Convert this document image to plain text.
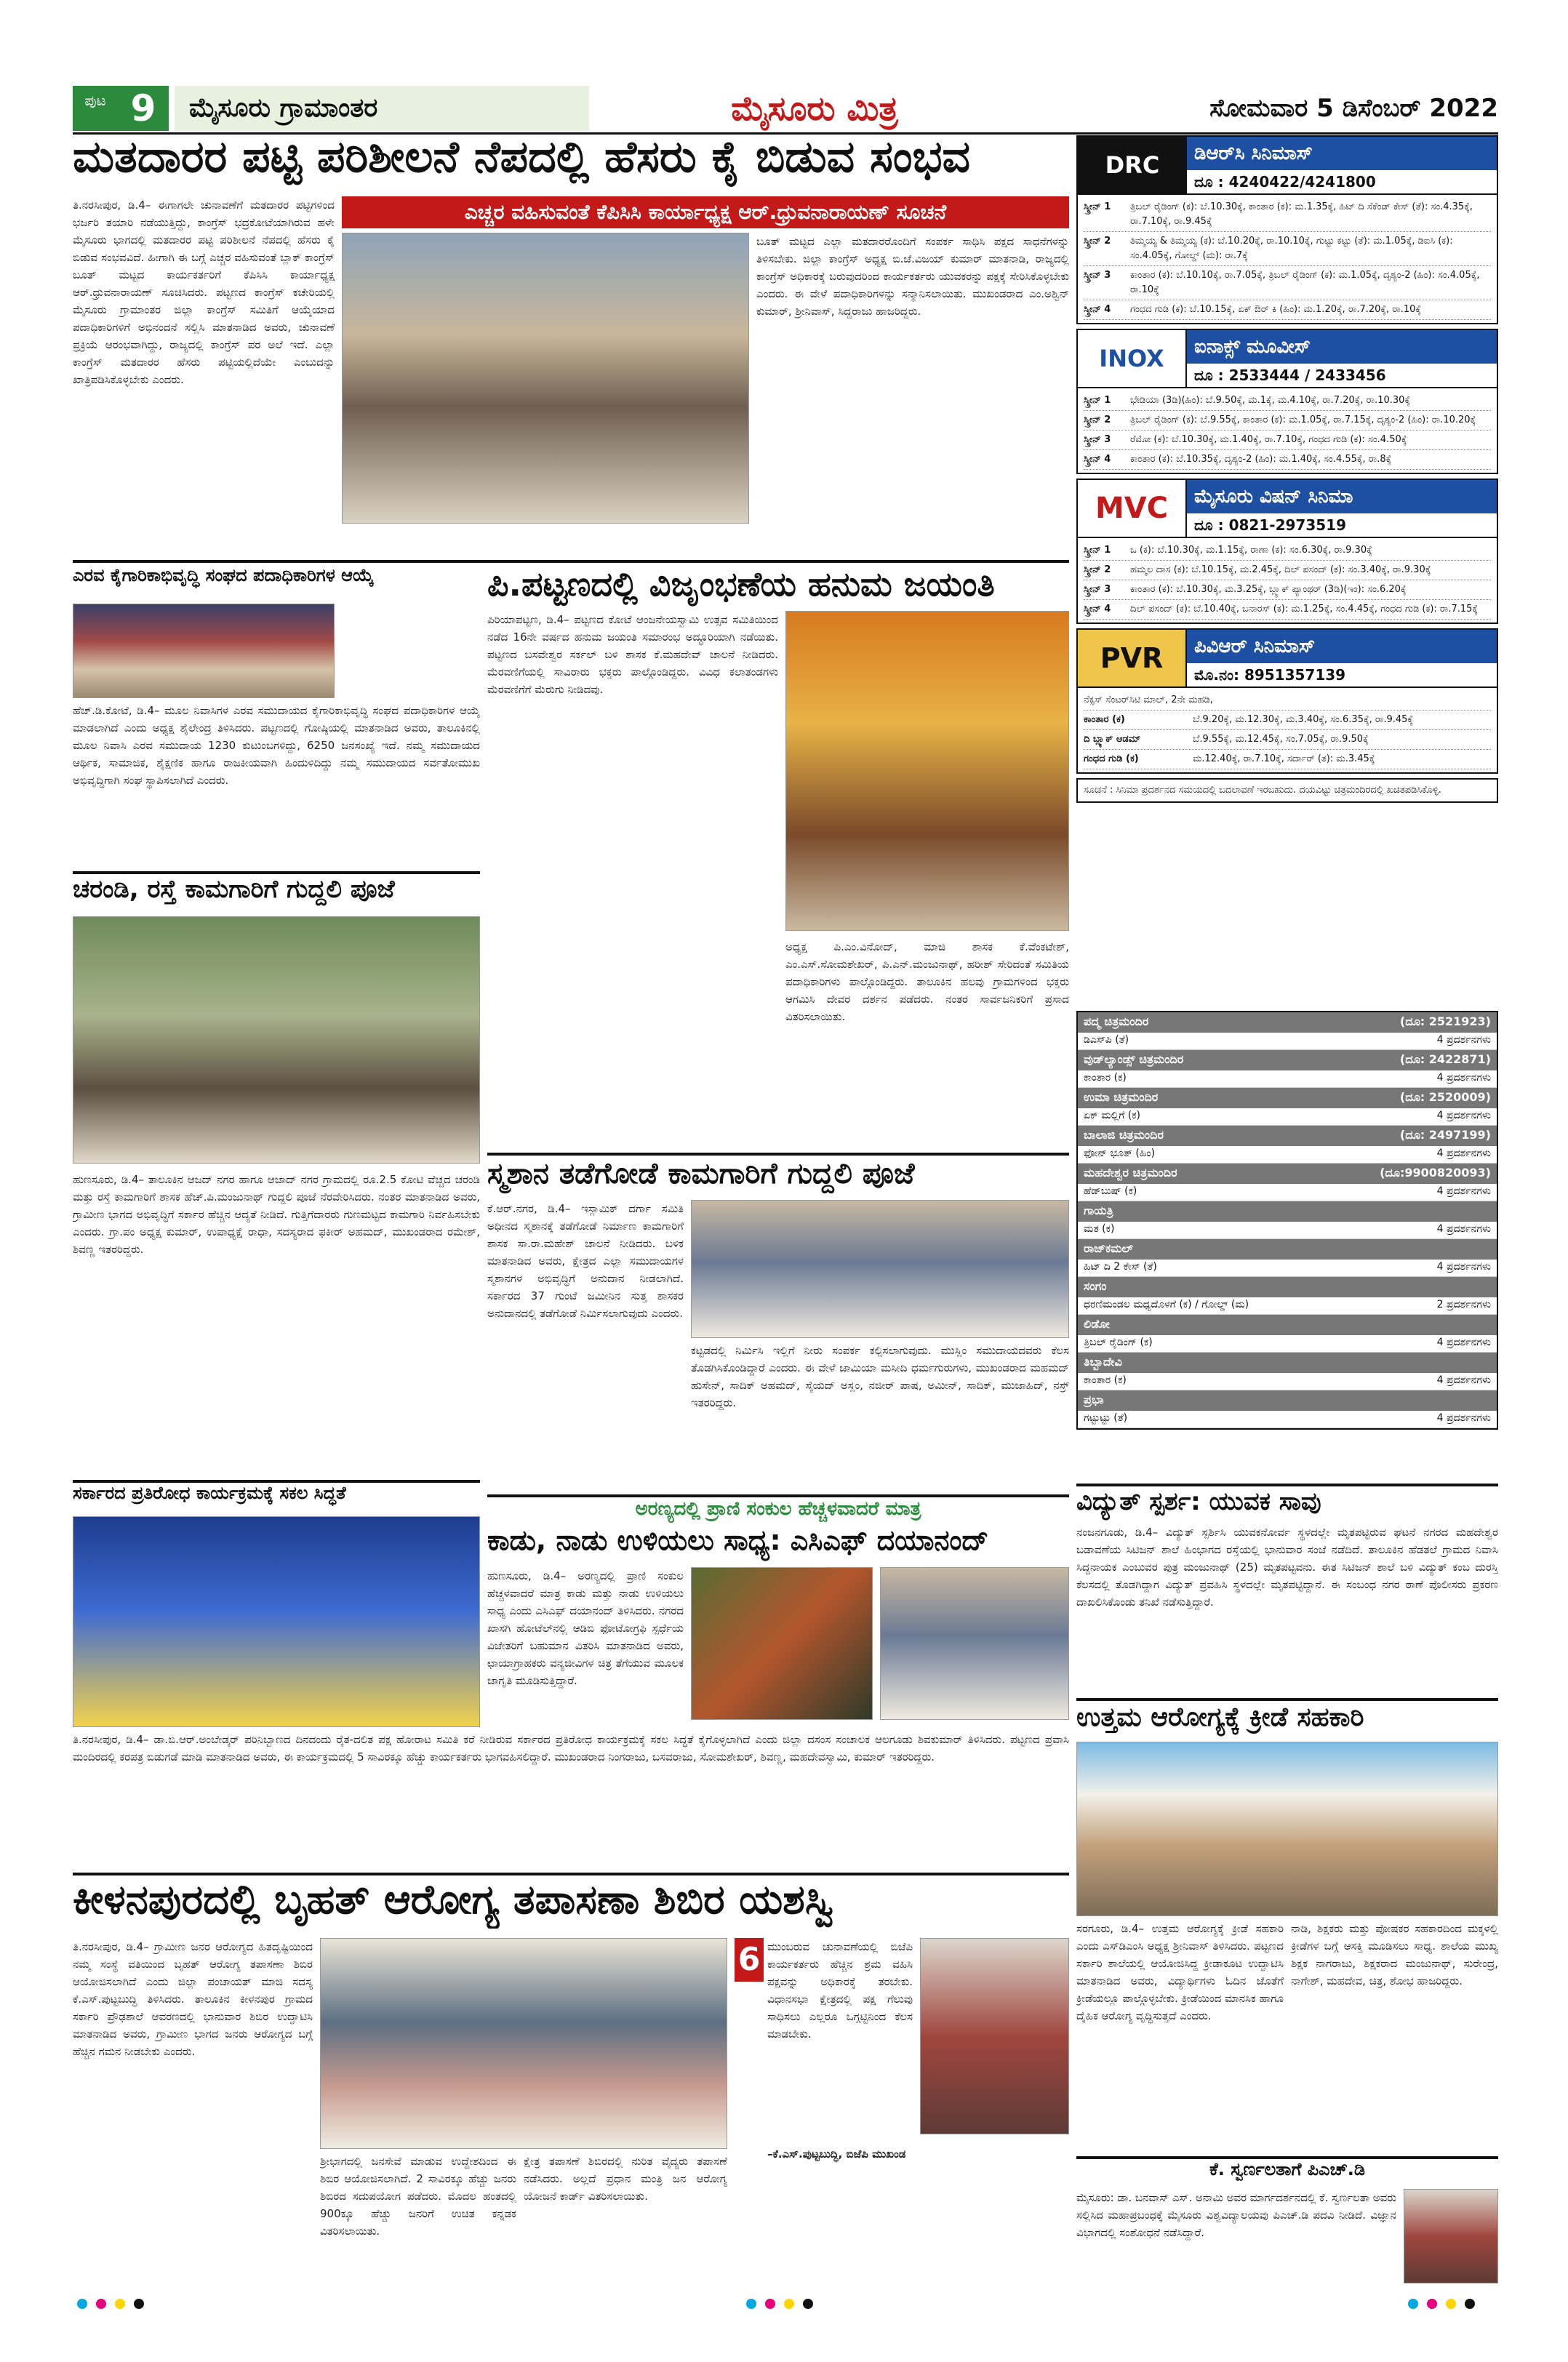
ಪುಟ 9	ಮೈಸೂರು ಗ್ರಾಮಾಂತರ	ಮೈಸೂರು ಮಿತ್ರ	ಸೋಮವಾರ 5 ಡಿಸೆಂಬರ್ 2022
ಮತದಾರರ ಪಟ್ಟಿ ಪರಿಶೀಲನೆ ನೆಪದಲ್ಲಿ ಹೆಸರು ಕೈ ಬಿಡುವ ಸಂಭವ
ಎಚ್ಚರ ವಹಿಸುವಂತೆ ಕೆಪಿಸಿಸಿ ಕಾರ್ಯಾಧ್ಯಕ್ಷ ಆರ್.ಧ್ರುವನಾರಾಯಣ್ ಸೂಚನೆ
ತಿ.ನರಸೀಪುರ, ಡಿ.4– ಈಗಾಗಲೇ ಚುನಾವಣೆಗೆ ಮತದಾರರ ಪಟ್ಟಿಗಳಿಂದ ಭರ್ಜರಿ ತಯಾರಿ ನಡೆಯುತ್ತಿದ್ದು, ಕಾಂಗ್ರೆಸ್ ಭದ್ರಕೋಟೆಯಾಗಿರುವ ಹಳೇ ಮೈಸೂರು ಭಾಗದಲ್ಲಿ ಮತದಾರರ ಪಟ್ಟಿ ಪರಿಶೀಲನೆ ನೆಪದಲ್ಲಿ ಹೆಸರು ಕೈ ಬಿಡುವ ಸಂಭವವಿದೆ. ಹೀಗಾಗಿ ಈ ಬಗ್ಗೆ ಎಚ್ಚರ ವಹಿಸುವಂತೆ ಬ್ಲಾಕ್ ಕಾಂಗ್ರೆಸ್ ಬೂತ್ ಮಟ್ಟದ ಕಾರ್ಯಕರ್ತರಿಗೆ ಕೆಪಿಸಿಸಿ ಕಾರ್ಯಾಧ್ಯಕ್ಷ ಆರ್.ಧ್ರುವನಾರಾಯಣ್ ಸೂಚಿಸಿದರು. ಪಟ್ಟಣದ ಕಾಂಗ್ರೆಸ್ ಕಚೇರಿಯಲ್ಲಿ ಮೈಸೂರು ಗ್ರಾಮಾಂತರ ಜಿಲ್ಲಾ ಕಾಂಗ್ರೆಸ್ ಸಮಿತಿಗೆ ಆಯ್ಕೆಯಾದ ಪದಾಧಿಕಾರಿಗಳಿಗೆ ಅಭಿನಂದನೆ ಸಲ್ಲಿಸಿ ಮಾತನಾಡಿದ ಅವರು, ಚುನಾವಣೆ ಪ್ರಕ್ರಿಯೆ ಆರಂಭವಾಗಿದ್ದು, ರಾಜ್ಯದಲ್ಲಿ ಕಾಂಗ್ರೆಸ್ ಪರ ಅಲೆ ಇದೆ. ಎಲ್ಲಾ ಕಾಂಗ್ರೆಸ್ ಮತದಾರರ ಹೆಸರು ಪಟ್ಟಿಯಲ್ಲಿದೆಯೇ ಎಂಬುದನ್ನು ಖಾತ್ರಿಪಡಿಸಿಕೊಳ್ಳಬೇಕು ಎಂದರು.
ಬೂತ್ ಮಟ್ಟದ ಎಲ್ಲಾ ಮತದಾರರೊಂದಿಗೆ ಸಂಪರ್ಕ ಸಾಧಿಸಿ ಪಕ್ಷದ ಸಾಧನೆಗಳನ್ನು ತಿಳಿಸಬೇಕು. ಜಿಲ್ಲಾ ಕಾಂಗ್ರೆಸ್ ಅಧ್ಯಕ್ಷ ಬಿ.ಜೆ.ವಿಜಯ್ ಕುಮಾರ್ ಮಾತನಾಡಿ, ರಾಜ್ಯದಲ್ಲಿ ಕಾಂಗ್ರೆಸ್ ಅಧಿಕಾರಕ್ಕೆ ಬರುವುದರಿಂದ ಕಾರ್ಯಕರ್ತರು ಯುವಕರನ್ನು ಪಕ್ಷಕ್ಕೆ ಸೇರಿಸಿಕೊಳ್ಳಬೇಕು ಎಂದರು. ಈ ವೇಳೆ ಪದಾಧಿಕಾರಿಗಳನ್ನು ಸನ್ಮಾನಿಸಲಾಯಿತು. ಮುಖಂಡರಾದ ಎಂ.ಅಶ್ವಿನ್ ಕುಮಾರ್, ಶ್ರೀನಿವಾಸ್, ಸಿದ್ದರಾಜು ಹಾಜರಿದ್ದರು.
ಎರವ ಕೈಗಾರಿಕಾಭಿವೃದ್ಧಿ ಸಂಘದ ಪದಾಧಿಕಾರಿಗಳ ಆಯ್ಕೆ
ಹೆಚ್.ಡಿ.ಕೋಟೆ, ಡಿ.4– ಮೂಲ ನಿವಾಸಿಗಳ ಎರವ ಸಮುದಾಯದ ಕೈಗಾರಿಕಾಭಿವೃದ್ಧಿ ಸಂಘದ ಪದಾಧಿಕಾರಿಗಳ ಆಯ್ಕೆ ಮಾಡಲಾಗಿದೆ ಎಂದು ಅಧ್ಯಕ್ಷ ಶೈಲೇಂದ್ರ ತಿಳಿಸಿದರು. ಪಟ್ಟಣದಲ್ಲಿ ಗೋಷ್ಠಿಯಲ್ಲಿ ಮಾತನಾಡಿದ ಅವರು, ತಾಲೂಕಿನಲ್ಲಿ ಮೂಲ ನಿವಾಸಿ ಎರವ ಸಮುದಾಯ 1230 ಕುಟುಂಬಗಳಿದ್ದು, 6250 ಜನಸಂಖ್ಯೆ ಇದೆ. ನಮ್ಮ ಸಮುದಾಯದ ಆರ್ಥಿಕ, ಸಾಮಾಜಿಕ, ಶೈಕ್ಷಣಿಕ ಹಾಗೂ ರಾಜಕೀಯವಾಗಿ ಹಿಂದುಳಿದಿದ್ದು ನಮ್ಮ ಸಮುದಾಯದ ಸರ್ವತೋಮುಖ ಅಭಿವೃದ್ಧಿಗಾಗಿ ಸಂಘ ಸ್ಥಾಪಿಸಲಾಗಿದೆ ಎಂದರು.
ಪಿ.ಪಟ್ಟಣದಲ್ಲಿ ವಿಜೃಂಭಣೆಯ ಹನುಮ ಜಯಂತಿ
ಪಿರಿಯಾಪಟ್ಟಣ, ಡಿ.4– ಪಟ್ಟಣದ ಕೋಟೆ ಆಂಜನೇಯಸ್ವಾಮಿ ಉತ್ಸವ ಸಮಿತಿಯಿಂದ ನಡೆದ 16ನೇ ವರ್ಷದ ಹನುಮ ಜಯಂತಿ ಸಮಾರಂಭ ಅದ್ಧೂರಿಯಾಗಿ ನಡೆಯಿತು. ಪಟ್ಟಣದ ಬಸವೇಶ್ವರ ಸರ್ಕಲ್ ಬಳಿ ಶಾಸಕ ಕೆ.ಮಹದೇವ್ ಚಾಲನೆ ನೀಡಿದರು. ಮೆರವಣಿಗೆಯಲ್ಲಿ ಸಾವಿರಾರು ಭಕ್ತರು ಪಾಲ್ಗೊಂಡಿದ್ದರು. ವಿವಿಧ ಕಲಾತಂಡಗಳು ಮೆರವಣಿಗೆಗೆ ಮೆರುಗು ನೀಡಿದವು.
ಅಧ್ಯಕ್ಷ ಪಿ.ಎಂ.ವಿನೋದ್, ಮಾಜಿ ಶಾಸಕ ಕೆ.ವೆಂಕಟೇಶ್, ಎಂ.ಎಸ್.ಸೋಮಶೇಖರ್, ಪಿ.ಎನ್.ಮಂಜುನಾಥ್, ಹರೀಶ್ ಸೇರಿದಂತೆ ಸಮಿತಿಯ ಪದಾಧಿಕಾರಿಗಳು ಪಾಲ್ಗೊಂಡಿದ್ದರು. ತಾಲೂಕಿನ ಹಲವು ಗ್ರಾಮಗಳಿಂದ ಭಕ್ತರು ಆಗಮಿಸಿ ದೇವರ ದರ್ಶನ ಪಡೆದರು. ನಂತರ ಸಾರ್ವಜನಿಕರಿಗೆ ಪ್ರಸಾದ ವಿತರಿಸಲಾಯಿತು.
ಚರಂಡಿ, ರಸ್ತೆ ಕಾಮಗಾರಿಗೆ ಗುದ್ದಲಿ ಪೂಜೆ
ಹುಣಸೂರು, ಡಿ.4– ತಾಲೂಕಿನ ಆಜದ್ ನಗರ ಹಾಗೂ ಆಜಾದ್ ನಗರ ಗ್ರಾಮದಲ್ಲಿ ರೂ.2.5 ಕೋಟಿ ವೆಚ್ಚದ ಚರಂಡಿ ಮತ್ತು ರಸ್ತೆ ಕಾಮಗಾರಿಗೆ ಶಾಸಕ ಹೆಚ್.ಪಿ.ಮಂಜುನಾಥ್ ಗುದ್ದಲಿ ಪೂಜೆ ನೆರವೇರಿಸಿದರು. ನಂತರ ಮಾತನಾಡಿದ ಅವರು, ಗ್ರಾಮೀಣ ಭಾಗದ ಅಭಿವೃದ್ಧಿಗೆ ಸರ್ಕಾರ ಹೆಚ್ಚಿನ ಆದ್ಯತೆ ನೀಡಿದೆ. ಗುತ್ತಿಗೆದಾರರು ಗುಣಮಟ್ಟದ ಕಾಮಗಾರಿ ನಿರ್ವಹಿಸಬೇಕು ಎಂದರು. ಗ್ರಾ.ಪಂ ಅಧ್ಯಕ್ಷ ಕುಮಾರ್, ಉಪಾಧ್ಯಕ್ಷೆ ರಾಧಾ, ಸದಸ್ಯರಾದ ಫಕೀರ್ ಅಹಮದ್, ಮುಖಂಡರಾದ ರಮೇಶ್, ಶಿವಣ್ಣ ಇತರರಿದ್ದರು.
ಸ್ಮಶಾನ ತಡೆಗೋಡೆ ಕಾಮಗಾರಿಗೆ ಗುದ್ದಲಿ ಪೂಜೆ
ಕೆ.ಆರ್.ನಗರ, ಡಿ.4– ಇಸ್ಲಾಮಿಕ್ ದರ್ಗಾ ಸಮಿತಿ ಅಧೀನದ ಸ್ಮಶಾನಕ್ಕೆ ತಡೆಗೋಡೆ ನಿರ್ಮಾಣ ಕಾಮಗಾರಿಗೆ ಶಾಸಕ ಸಾ.ರಾ.ಮಹೇಶ್ ಚಾಲನೆ ನೀಡಿದರು. ಬಳಿಕ ಮಾತನಾಡಿದ ಅವರು, ಕ್ಷೇತ್ರದ ಎಲ್ಲಾ ಸಮುದಾಯಗಳ ಸ್ಮಶಾನಗಳ ಅಭಿವೃದ್ಧಿಗೆ ಅನುದಾನ ನೀಡಲಾಗಿದೆ. ಸರ್ಕಾರದ 37 ಗುಂಟೆ ಜಮೀನಿನ ಸುತ್ತ ಶಾಸಕರ ಅನುದಾನದಲ್ಲಿ ತಡೆಗೋಡೆ ನಿರ್ಮಿಸಲಾಗುವುದು ಎಂದರು.
ಕಟ್ಟಡದಲ್ಲಿ ನಿರ್ಮಿಸಿ ಇಲ್ಲಿಗೆ ನೀರು ಸಂಪರ್ಕ ಕಲ್ಪಿಸಲಾಗುವುದು. ಮುಸ್ಲಿಂ ಸಮುದಾಯದವರು ಕೆಲಸ ತೊಡಗಿಸಿಕೊಂಡಿದ್ದಾರೆ ಎಂದರು. ಈ ವೇಳೆ ಜಾಮಿಯಾ ಮಸೀದಿ ಧರ್ಮಗುರುಗಳು, ಮುಖಂಡರಾದ ಮಹಮದ್ ಹುಸೇನ್, ಸಾದಿಕ್ ಅಹಮದ್, ಸೈಯದ್ ಅಸ್ಲಂ, ನಜೀರ್ ಪಾಷ, ಅಮೀನ್, ಸಾದಿಕ್, ಮುಜಾಹಿದ್, ನಸ್ರ್ ಇತರರಿದ್ದರು.
ಸರ್ಕಾರದ ಪ್ರತಿರೋಧ ಕಾರ್ಯಕ್ರಮಕ್ಕೆ ಸಕಲ ಸಿದ್ಧತೆ
ತಿ.ನರಸೀಪುರ, ಡಿ.4– ಡಾ.ಬಿ.ಆರ್.ಅಂಬೇಡ್ಕರ್ ಪರಿನಿಬ್ಬಾಣದ ದಿನದಂದು ರೈತ-ದಲಿತ ಪಕ್ಷ ಹೋರಾಟ ಸಮಿತಿ ಕರೆ ನೀಡಿರುವ ಸರ್ಕಾರದ ಪ್ರತಿರೋಧ ಕಾರ್ಯಕ್ರಮಕ್ಕೆ ಸಕಲ ಸಿದ್ಧತೆ ಕೈಗೊಳ್ಳಲಾಗಿದೆ ಎಂದು ಜಿಲ್ಲಾ ದಸಂಸ ಸಂಚಾಲಕ ಆಲಗೂಡು ಶಿವಕುಮಾರ್ ತಿಳಿಸಿದರು. ಪಟ್ಟಣದ ಪ್ರವಾಸಿ ಮಂದಿರದಲ್ಲಿ ಕರಪತ್ರ ಬಿಡುಗಡೆ ಮಾಡಿ ಮಾತನಾಡಿದ ಅವರು, ಈ ಕಾರ್ಯಕ್ರಮದಲ್ಲಿ 5 ಸಾವಿರಕ್ಕೂ ಹೆಚ್ಚು ಕಾರ್ಯಕರ್ತರು ಭಾಗವಹಿಸಲಿದ್ದಾರೆ. ಮುಖಂಡರಾದ ನಿಂಗರಾಜು, ಬಸವರಾಜು, ಸೋಮಶೇಖರ್, ಶಿವಣ್ಣ, ಮಹದೇವಸ್ವಾಮಿ, ಕುಮಾರ್ ಇತರರಿದ್ದರು.
ಅರಣ್ಯದಲ್ಲಿ ಪ್ರಾಣಿ ಸಂಕುಲ ಹೆಚ್ಚಳವಾದರೆ ಮಾತ್ರ
ಕಾಡು, ನಾಡು ಉಳಿಯಲು ಸಾಧ್ಯ: ಎಸಿಎಫ್ ದಯಾನಂದ್
ಹುಣಸೂರು, ಡಿ.4– ಅರಣ್ಯದಲ್ಲಿ ಪ್ರಾಣಿ ಸಂಕುಲ ಹೆಚ್ಚಳವಾದರೆ ಮಾತ್ರ ಕಾಡು ಮತ್ತು ನಾಡು ಉಳಿಯಲು ಸಾಧ್ಯ ಎಂದು ಎಸಿಎಫ್ ದಯಾನಂದ್ ತಿಳಿಸಿದರು. ನಗರದ ಖಾಸಗಿ ಹೋಟೆಲ್‌ನಲ್ಲಿ ಆಡಿಬಿ ಫೋಟೋಗ್ರಫಿ ಸ್ಪರ್ಧೆಯ ವಿಜೇತರಿಗೆ ಬಹುಮಾನ ವಿತರಿಸಿ ಮಾತನಾಡಿದ ಅವರು, ಛಾಯಾಗ್ರಾಹಕರು ವನ್ಯಜೀವಿಗಳ ಚಿತ್ರ ತೆಗೆಯುವ ಮೂಲಕ ಜಾಗೃತಿ ಮೂಡಿಸುತ್ತಿದ್ದಾರೆ.
ಕೀಳನಪುರದಲ್ಲಿ ಬೃಹತ್ ಆರೋಗ್ಯ ತಪಾಸಣಾ ಶಿಬಿರ ಯಶಸ್ವಿ
ತಿ.ನರಸೀಪುರ, ಡಿ.4– ಗ್ರಾಮೀಣ ಜನರ ಆರೋಗ್ಯದ ಹಿತದೃಷ್ಟಿಯಿಂದ ನಮ್ಮ ಸಂಸ್ಥೆ ವತಿಯಿಂದ ಬೃಹತ್ ಆರೋಗ್ಯ ತಪಾಸಣಾ ಶಿಬಿರ ಆಯೋಜಿಸಲಾಗಿದೆ ಎಂದು ಜಿಲ್ಲಾ ಪಂಚಾಯತ್ ಮಾಜಿ ಸದಸ್ಯ ಕೆ.ಎಸ್.ಪುಟ್ಟಬುದ್ಧಿ ತಿಳಿಸಿದರು. ತಾಲೂಕಿನ ಕೀಳನಪುರ ಗ್ರಾಮದ ಸರ್ಕಾರಿ ಪ್ರೌಢಶಾಲೆ ಆವರಣದಲ್ಲಿ ಭಾನುವಾರ ಶಿಬಿರ ಉದ್ಘಾಟಿಸಿ ಮಾತನಾಡಿದ ಅವರು, ಗ್ರಾಮೀಣ ಭಾಗದ ಜನರು ಆರೋಗ್ಯದ ಬಗ್ಗೆ ಹೆಚ್ಚಿನ ಗಮನ ನೀಡಬೇಕು ಎಂದರು.
ಶ್ರೀಭಾಗದಲ್ಲಿ ಜನಸೇವೆ ಮಾಡುವ ಉದ್ದೇಶದಿಂದ ಈ ಶಿಬಿರ ಆಯೋಜಿಸಲಾಗಿದೆ. 2 ಸಾವಿರಕ್ಕೂ ಹೆಚ್ಚು ಜನರು ಶಿಬಿರದ ಸದುಪಯೋಗ ಪಡೆದರು. ಮೊದಲ ಹಂತದಲ್ಲಿ 900ಕ್ಕೂ ಹೆಚ್ಚು ಜನರಿಗೆ ಉಚಿತ ಕನ್ನಡಕ ವಿತರಿಸಲಾಯಿತು.
ಕ್ಷೇತ್ರ ತಪಾಸಣೆ ಶಿಬಿರದಲ್ಲಿ ನುರಿತ ವೈದ್ಯರು ತಪಾಸಣೆ ನಡೆಸಿದರು. ಅಲ್ಲದೆ ಪ್ರಧಾನ ಮಂತ್ರಿ ಜನ ಆರೋಗ್ಯ ಯೋಜನೆ ಕಾರ್ಡ್ ವಿತರಿಸಲಾಯಿತು.
6 ಮುಂಬರುವ ಚುನಾವಣೆಯಲ್ಲಿ ಬಿಜೆಪಿ ಕಾರ್ಯಕರ್ತರು ಹೆಚ್ಚಿನ ಶ್ರಮ ವಹಿಸಿ ಪಕ್ಷವನ್ನು ಅಧಿಕಾರಕ್ಕೆ ತರಬೇಕು. ವಿಧಾನಸಭಾ ಕ್ಷೇತ್ರದಲ್ಲಿ ಪಕ್ಷ ಗೆಲುವು ಸಾಧಿಸಲು ಎಲ್ಲರೂ ಒಗ್ಗಟ್ಟಿನಿಂದ ಕೆಲಸ ಮಾಡಬೇಕು.
–ಕೆ.ಎಸ್.ಪುಟ್ಟಬುದ್ಧಿ, ಬಿಜೆಪಿ ಮುಖಂಡ
DRC	ಡಿಆರ್‌ಸಿ ಸಿನಿಮಾಸ್
ದೂ : 4240422/4241800
ಸ್ಕ್ರೀನ್ 1	ತ್ರಿಬಲ್ ರೈಡಿಂಗ್ (ಕ): ಬೆ.10.30ಕ್ಕೆ, ಕಾಂತಾರ (ಕ): ಮ.1.35ಕ್ಕೆ, ಹಿಟ್ ದಿ ಸೆಕೆಂಡ್ ಕೇಸ್ (ತೆ): ಸಂ.4.35ಕ್ಕೆ, ರಾ.7.10ಕ್ಕೆ, ರಾ.9.45ಕ್ಕೆ
ಸ್ಕ್ರೀನ್ 2	ತಿಮ್ಮಯ್ಯ & ತಿಮ್ಮಯ್ಯ (ಕ): ಬೆ.10.20ಕ್ಕೆ, ರಾ.10.10ಕ್ಕೆ, ಗುಟ್ಟು ಕಟ್ಟು (ತೆ): ಮ.1.05ಕ್ಕೆ, ಡಿಐಸಿ (ಕ): ಸಂ.4.05ಕ್ಕೆ, ಗೋಲ್ಡ್ (ಮ): ರಾ.7ಕ್ಕೆ
ಸ್ಕ್ರೀನ್ 3	ಕಾಂತಾರ (ಕ): ಬೆ.10.10ಕ್ಕೆ, ರಾ.7.05ಕ್ಕೆ, ತ್ರಿಬಲ್ ರೈಡಿಂಗ್ (ಕ): ಮ.1.05ಕ್ಕೆ, ದೃಶ್ಯಂ-2 (ಹಿಂ): ಸಂ.4.05ಕ್ಕೆ, ರಾ.10ಕ್ಕೆ
ಸ್ಕ್ರೀನ್ 4	ಗಂಧದ ಗುಡಿ (ಕ): ಬೆ.10.15ಕ್ಕೆ, ಏಕ್ ಔರ್ ಕಿ (ಹಿಂ): ಮ.1.20ಕ್ಕೆ, ರಾ.7.20ಕ್ಕೆ, ರಾ.10ಕ್ಕೆ
INOX	ಐನಾಕ್ಸ್ ಮೂವೀಸ್
ದೂ : 2533444 / 2433456
ಸ್ಕ್ರೀನ್ 1	ಭೇಡಿಯಾ (3ಡಿ)(ಹಿಂ): ಬೆ.9.50ಕ್ಕೆ, ಮ.1ಕ್ಕೆ, ಮ.4.10ಕ್ಕೆ, ರಾ.7.20ಕ್ಕೆ, ರಾ.10.30ಕ್ಕೆ
ಸ್ಕ್ರೀನ್ 2	ತ್ರಿಬಲ್ ರೈಡಿಂಗ್ (ಕ): ಬೆ.9.55ಕ್ಕೆ, ಕಾಂತಾರ (ಕ): ಮ.1.05ಕ್ಕೆ, ರಾ.7.15ಕ್ಕೆ, ದೃಶ್ಯಂ-2 (ಹಿಂ): ರಾ.10.20ಕ್ಕೆ
ಸ್ಕ್ರೀನ್ 3	ರೆಮೋ (ಕ): ಬೆ.10.30ಕ್ಕೆ, ಮ.1.40ಕ್ಕೆ, ರಾ.7.10ಕ್ಕೆ, ಗಂಧದ ಗುಡಿ (ಕ): ಸಂ.4.50ಕ್ಕೆ
ಸ್ಕ್ರೀನ್ 4	ಕಾಂತಾರ (ಕ): ಬೆ.10.35ಕ್ಕೆ, ದೃಶ್ಯಂ-2 (ಹಿಂ): ಮ.1.40ಕ್ಕೆ, ಸಂ.4.55ಕ್ಕೆ, ರಾ.8ಕ್ಕೆ
MVC	ಮೈಸೂರು ವಿಷನ್ ಸಿನಿಮಾ
ದೂ : 0821-2973519
ಸ್ಕ್ರೀನ್ 1	ಒ (ಕ): ಬೆ.10.30ಕ್ಕೆ, ಮ.1.15ಕ್ಕೆ, ರಾಣಾ (ಕ): ಸಂ.6.30ಕ್ಕೆ, ರಾ.9.30ಕ್ಕೆ
ಸ್ಕ್ರೀನ್ 2	ಹಮ್ಮಲ ದಾಸ (ಕ): ಬೆ.10.15ಕ್ಕೆ, ಮ.2.45ಕ್ಕೆ, ದಿಲ್ ಪಸಂದ್ (ಕ): ಸಂ.3.40ಕ್ಕೆ, ರಾ.9.30ಕ್ಕೆ
ಸ್ಕ್ರೀನ್ 3	ಕಾಂತಾರ (ಕ): ಬೆ.10.30ಕ್ಕೆ, ಮ.3.25ಕ್ಕೆ, ಬ್ಲ್ಯಾಕ್ ಪ್ಯಾಂಥರ್ (3ಡಿ)(ಇಂ): ಸಂ.6.20ಕ್ಕೆ
ಸ್ಕ್ರೀನ್ 4	ದಿಲ್ ಪಸಂದ್ (ಕ): ಬೆ.10.40ಕ್ಕೆ, ಬನಾರಸ್ (ಕ): ಮ.1.25ಕ್ಕೆ, ಸಂ.4.45ಕ್ಕೆ, ಗಂಧದ ಗುಡಿ (ಕ): ರಾ.7.15ಕ್ಕೆ
PVR	ಪಿವಿಆರ್ ಸಿನಿಮಾಸ್
ಮೊ.ನಂ: 8951357139
ನೆಕ್ಸಸ್ ಸೆಂಟರ್‌ಸಿಟಿ ಮಾಲ್, 2ನೇ ಮಹಡಿ,
ಕಾಂತಾರ (ಕ)	ಬೆ.9.20ಕ್ಕೆ, ಮ.12.30ಕ್ಕೆ, ಮ.3.40ಕ್ಕೆ, ಸಂ.6.35ಕ್ಕೆ, ರಾ.9.45ಕ್ಕೆ
ದಿ ಬ್ಲ್ಯಾಕ್ ಆಡಮ್	ಬೆ.9.55ಕ್ಕೆ, ಮ.12.45ಕ್ಕೆ, ಸಂ.7.05ಕ್ಕೆ, ರಾ.9.50ಕ್ಕೆ
ಗಂಧದ ಗುಡಿ (ಕ)	ಮ.12.40ಕ್ಕೆ, ರಾ.7.10ಕ್ಕೆ, ಸರ್ದಾರ್ (ತ): ಮ.3.45ಕ್ಕೆ
ಸೂಚನೆ : ಸಿನಿಮಾ ಪ್ರದರ್ಶನದ ಸಮಯದಲ್ಲಿ ಬದಲಾವಣೆ ಇರಬಹುದು. ದಯವಿಟ್ಟು ಚಿತ್ರಮಂದಿರದಲ್ಲಿ ಖಚಿತಪಡಿಸಿಕೊಳ್ಳಿ.
ಪದ್ಮ ಚಿತ್ರಮಂದಿರ	(ದೂ: 2521923)
ಡಿಎಸ್‌ಪಿ (ತೆ)	4 ಪ್ರದರ್ಶನಗಳು
ವುಡ್‌ಲ್ಯಾಂಡ್ಸ್ ಚಿತ್ರಮಂದಿರ	(ದೂ: 2422871)
ಕಾಂತಾರ (ಕ)	4 ಪ್ರದರ್ಶನಗಳು
ಉಮಾ ಚಿತ್ರಮಂದಿರ	(ದೂ: 2520009)
ಏಕ್ ಮಲ್ಲಿಗೆ (ಕ)	4 ಪ್ರದರ್ಶನಗಳು
ಬಾಲಾಜಿ ಚಿತ್ರಮಂದಿರ	(ದೂ: 2497199)
ಫೋನ್ ಭೂತ್ (ಹಿಂ)	4 ಪ್ರದರ್ಶನಗಳು
ಮಹದೇಶ್ವರ ಚಿತ್ರಮಂದಿರ	(ದೂ:9900820093)
ಹೆಡ್‌ಬುಷ್ (ಕ)	4 ಪ್ರದರ್ಶನಗಳು
ಗಾಯತ್ರಿ
ಮತ (ಕ)	4 ಪ್ರದರ್ಶನಗಳು
ರಾಜ್‌ಕಮಲ್
ಹಿಟ್ ದಿ 2 ಕೇಸ್ (ತೆ)	4 ಪ್ರದರ್ಶನಗಳು
ಸಂಗಂ
ಧರಣಿಮಂಡಲ ಮಧ್ಯದೊಳಗೆ (ಕ) / ಗೋಲ್ಡ್ (ಮ)	2 ಪ್ರದರ್ಶನಗಳು
ಲಿಡೋ
ತ್ರಿಬಲ್ ರೈಡಿಂಗ್ (ಕ)	4 ಪ್ರದರ್ಶನಗಳು
ತಿಬ್ಬಾದೇವಿ
ಕಾಂತಾರ (ಕ)	4 ಪ್ರದರ್ಶನಗಳು
ಪ್ರಭಾ
ಗಟ್ಟುಟ್ಟು (ತೆ)	4 ಪ್ರದರ್ಶನಗಳು
ವಿದ್ಯುತ್ ಸ್ಪರ್ಶ: ಯುವಕ ಸಾವು
ನಂಜನಗೂಡು, ಡಿ.4– ವಿದ್ಯುತ್ ಸ್ಪರ್ಶಿಸಿ ಯುವಕನೋರ್ವ ಸ್ಥಳದಲ್ಲೇ ಮೃತಪಟ್ಟಿರುವ ಘಟನೆ ನಗರದ ಮಹದೇಶ್ವರ ಬಡಾವಣೆಯ ಸಿಟಿಜನ್ ಶಾಲೆ ಹಿಂಭಾಗದ ರಸ್ತೆಯಲ್ಲಿ ಭಾನುವಾರ ಸಂಜೆ ನಡೆದಿದೆ. ತಾಲೂಕಿನ ಹೆಡತಲೆ ಗ್ರಾಮದ ನಿವಾಸಿ ಸಿದ್ದನಾಯಕ ಎಂಬುವರ ಪುತ್ರ ಮಂಜುನಾಥ್ (25) ಮೃತಪಟ್ಟವನು. ಈತ ಸಿಟಿಜನ್ ಶಾಲೆ ಬಳಿ ವಿದ್ಯುತ್ ಕಂಬ ದುರಸ್ತಿ ಕೆಲಸದಲ್ಲಿ ತೊಡಗಿದ್ದಾಗ ವಿದ್ಯುತ್ ಪ್ರವಹಿಸಿ ಸ್ಥಳದಲ್ಲೇ ಮೃತಪಟ್ಟಿದ್ದಾನೆ. ಈ ಸಂಬಂಧ ನಗರ ಠಾಣೆ ಪೊಲೀಸರು ಪ್ರಕರಣ ದಾಖಲಿಸಿಕೊಂಡು ತನಿಖೆ ನಡೆಸುತ್ತಿದ್ದಾರೆ.
ಉತ್ತಮ ಆರೋಗ್ಯಕ್ಕೆ ಕ್ರೀಡೆ ಸಹಕಾರಿ
ಸರಗೂರು, ಡಿ.4– ಉತ್ತಮ ಆರೋಗ್ಯಕ್ಕೆ ಕ್ರೀಡೆ ಸಹಕಾರಿ ಎಂದು ಎಸ್‌ಡಿಎಂಸಿ ಅಧ್ಯಕ್ಷ ಶ್ರೀನಿವಾಸ್ ತಿಳಿಸಿದರು. ಪಟ್ಟಣದ ಸರ್ಕಾರಿ ಶಾಲೆಯಲ್ಲಿ ಆಯೋಜಿಸಿದ್ದ ಕ್ರೀಡಾಕೂಟ ಉದ್ಘಾಟಿಸಿ ಮಾತನಾಡಿದ ಅವರು, ವಿದ್ಯಾರ್ಥಿಗಳು ಓದಿನ ಜೊತೆಗೆ ಕ್ರೀಡೆಯಲ್ಲೂ ಪಾಲ್ಗೊಳ್ಳಬೇಕು. ಕ್ರೀಡೆಯಿಂದ ಮಾನಸಿಕ ಹಾಗೂ ದೈಹಿಕ ಆರೋಗ್ಯ ವೃದ್ಧಿಸುತ್ತದೆ ಎಂದರು.
ನಾಡಿ, ಶಿಕ್ಷಕರು ಮತ್ತು ಪೋಷಕರ ಸಹಕಾರದಿಂದ ಮಕ್ಕಳಲ್ಲಿ ಕ್ರೀಡೆಗಳ ಬಗ್ಗೆ ಆಸಕ್ತಿ ಮೂಡಿಸಲು ಸಾಧ್ಯ. ಶಾಲೆಯ ಮುಖ್ಯ ಶಿಕ್ಷಕ ನಾಗರಾಜು, ಶಿಕ್ಷಕರಾದ ಮಂಜುನಾಥ್, ಸುರೇಂದ್ರ, ನಾಗೇಶ್, ಮಹದೇವ, ಚಿತ್ರ, ಶೋಭ ಹಾಜರಿದ್ದರು.
ಕೆ. ಸ್ವರ್ಣಲತಾಗೆ ಪಿಎಚ್.ಡಿ
ಮೈಸೂರು: ಡಾ. ಬನವಾಸ್‌ ಎಸ್. ಅನಾಮಿ ಅವರ ಮಾರ್ಗದರ್ಶನದಲ್ಲಿ ಕೆ. ಸ್ವರ್ಣಲತಾ ಅವರು ಸಲ್ಲಿಸಿದ ಮಹಾಪ್ರಬಂಧಕ್ಕೆ ಮೈಸೂರು ವಿಶ್ವವಿದ್ಯಾಲಯವು ಪಿಎಚ್.ಡಿ ಪದವಿ ನೀಡಿದೆ. ವಿಜ್ಞಾನ ವಿಭಾಗದಲ್ಲಿ ಸಂಶೋಧನೆ ನಡೆಸಿದ್ದಾರೆ.
